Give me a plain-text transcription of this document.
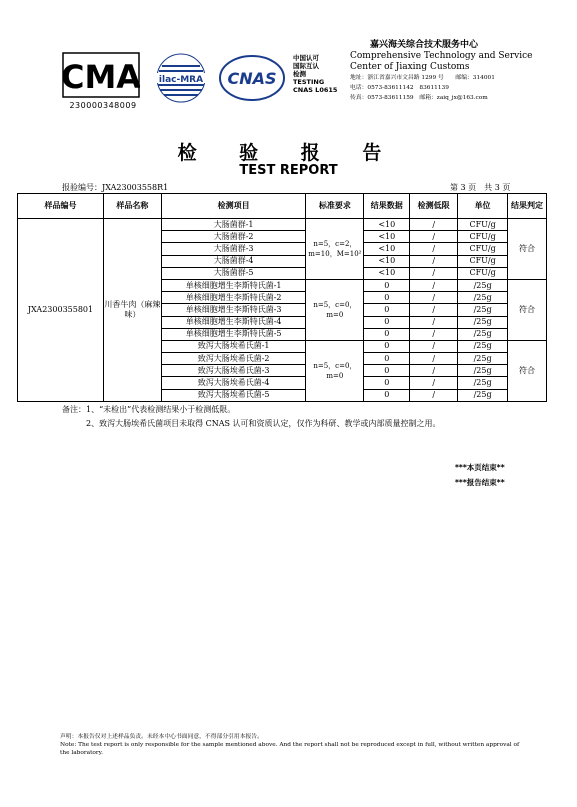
CMA
230000348009
ilac-MRA CNAS
中国认可
国际互认
检测
TESTING
CNAS L0615
嘉兴海关综合技术服务中心
Comprehensive Technology and Service
Center of Jiaxing Customs
地址：浙江省嘉兴市文昌路 1299 号　　邮编：314001
电话：0573-83611142　83611139
传真：0573-83611159　邮箱：zaiq_jx@163.com
检 验 报 告
TEST REPORT
报验编号：JXA23003558R1	第 3 页　共 3 页
样品编号	样品名称	检测项目	标准要求	结果数据	检测低限	单位	结果判定
JXA2300355801	川香牛肉（麻辣味）	大肠菌群-1	n=5，c=2，m=10，M=10²	<10	/	CFU/g	符合
		大肠菌群-2		<10	/	CFU/g	
		大肠菌群-3		<10	/	CFU/g	
		大肠菌群-4		<10	/	CFU/g	
		大肠菌群-5		<10	/	CFU/g	
		单核细胞增生李斯特氏菌-1	n=5，c=0，m=0	0	/	/25g	符合
		单核细胞增生李斯特氏菌-2		0	/	/25g	
		单核细胞增生李斯特氏菌-3		0	/	/25g	
		单核细胞增生李斯特氏菌-4		0	/	/25g	
		单核细胞增生李斯特氏菌-5		0	/	/25g	
		致泻大肠埃希氏菌-1	n=5，c=0，m=0	0	/	/25g	符合
		致泻大肠埃希氏菌-2		0	/	/25g	
		致泻大肠埃希氏菌-3		0	/	/25g	
		致泻大肠埃希氏菌-4		0	/	/25g	
		致泻大肠埃希氏菌-5		0	/	/25g	
备注：1、“未检出”代表检测结果小于检测低限。
　　　2、致泻大肠埃希氏菌项目未取得 CNAS 认可和资质认定，仅作为科研、教学或内部质量控制之用。
***本页结束**
***报告结束**
声明：本报告仅对上述样品负责。未经本中心书面同意，不得部分引用本报告。
Note: The test report is only responsible for the sample mentioned above. And the report shall not be reproduced except in full, without written approval of the laboratory.
